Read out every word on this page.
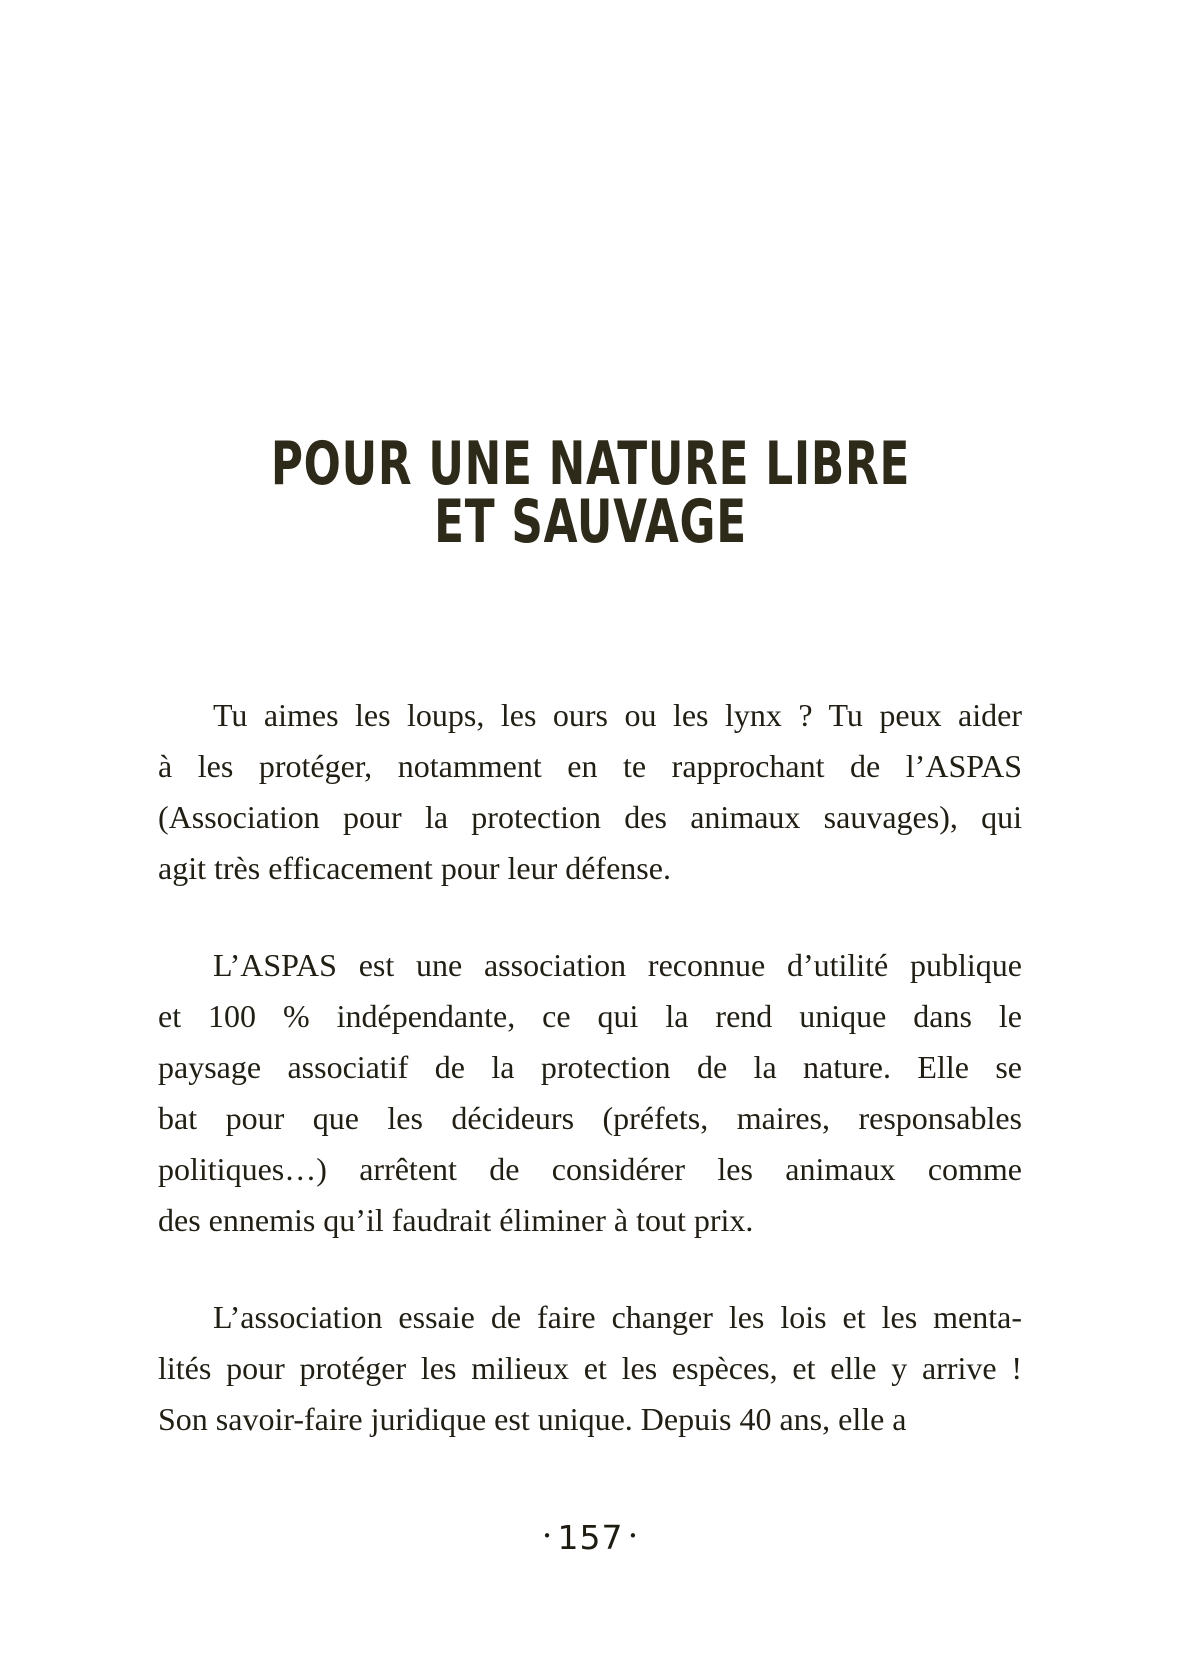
POUR UNE NATURE LIBRE
ET SAUVAGE
Tu aimes les loups, les ours ou les lynx ? Tu peux aider
à les protéger, notamment en te rapprochant de l’ASPAS
(Association pour la protection des animaux sauvages), qui
agit très efficacement pour leur défense.
L’ASPAS est une association reconnue d’utilité publique
et 100 % indépendante, ce qui la rend unique dans le
paysage associatif de la protection de la nature. Elle se
bat pour que les décideurs (préfets, maires, responsables
politiques…) arrêtent de considérer les animaux comme
des ennemis qu’il faudrait éliminer à tout prix.
L’association essaie de faire changer les lois et les menta-
lités pour protéger les milieux et les espèces, et elle y arrive !
Son savoir-faire juridique est unique. Depuis 40 ans, elle a
• 157 •
